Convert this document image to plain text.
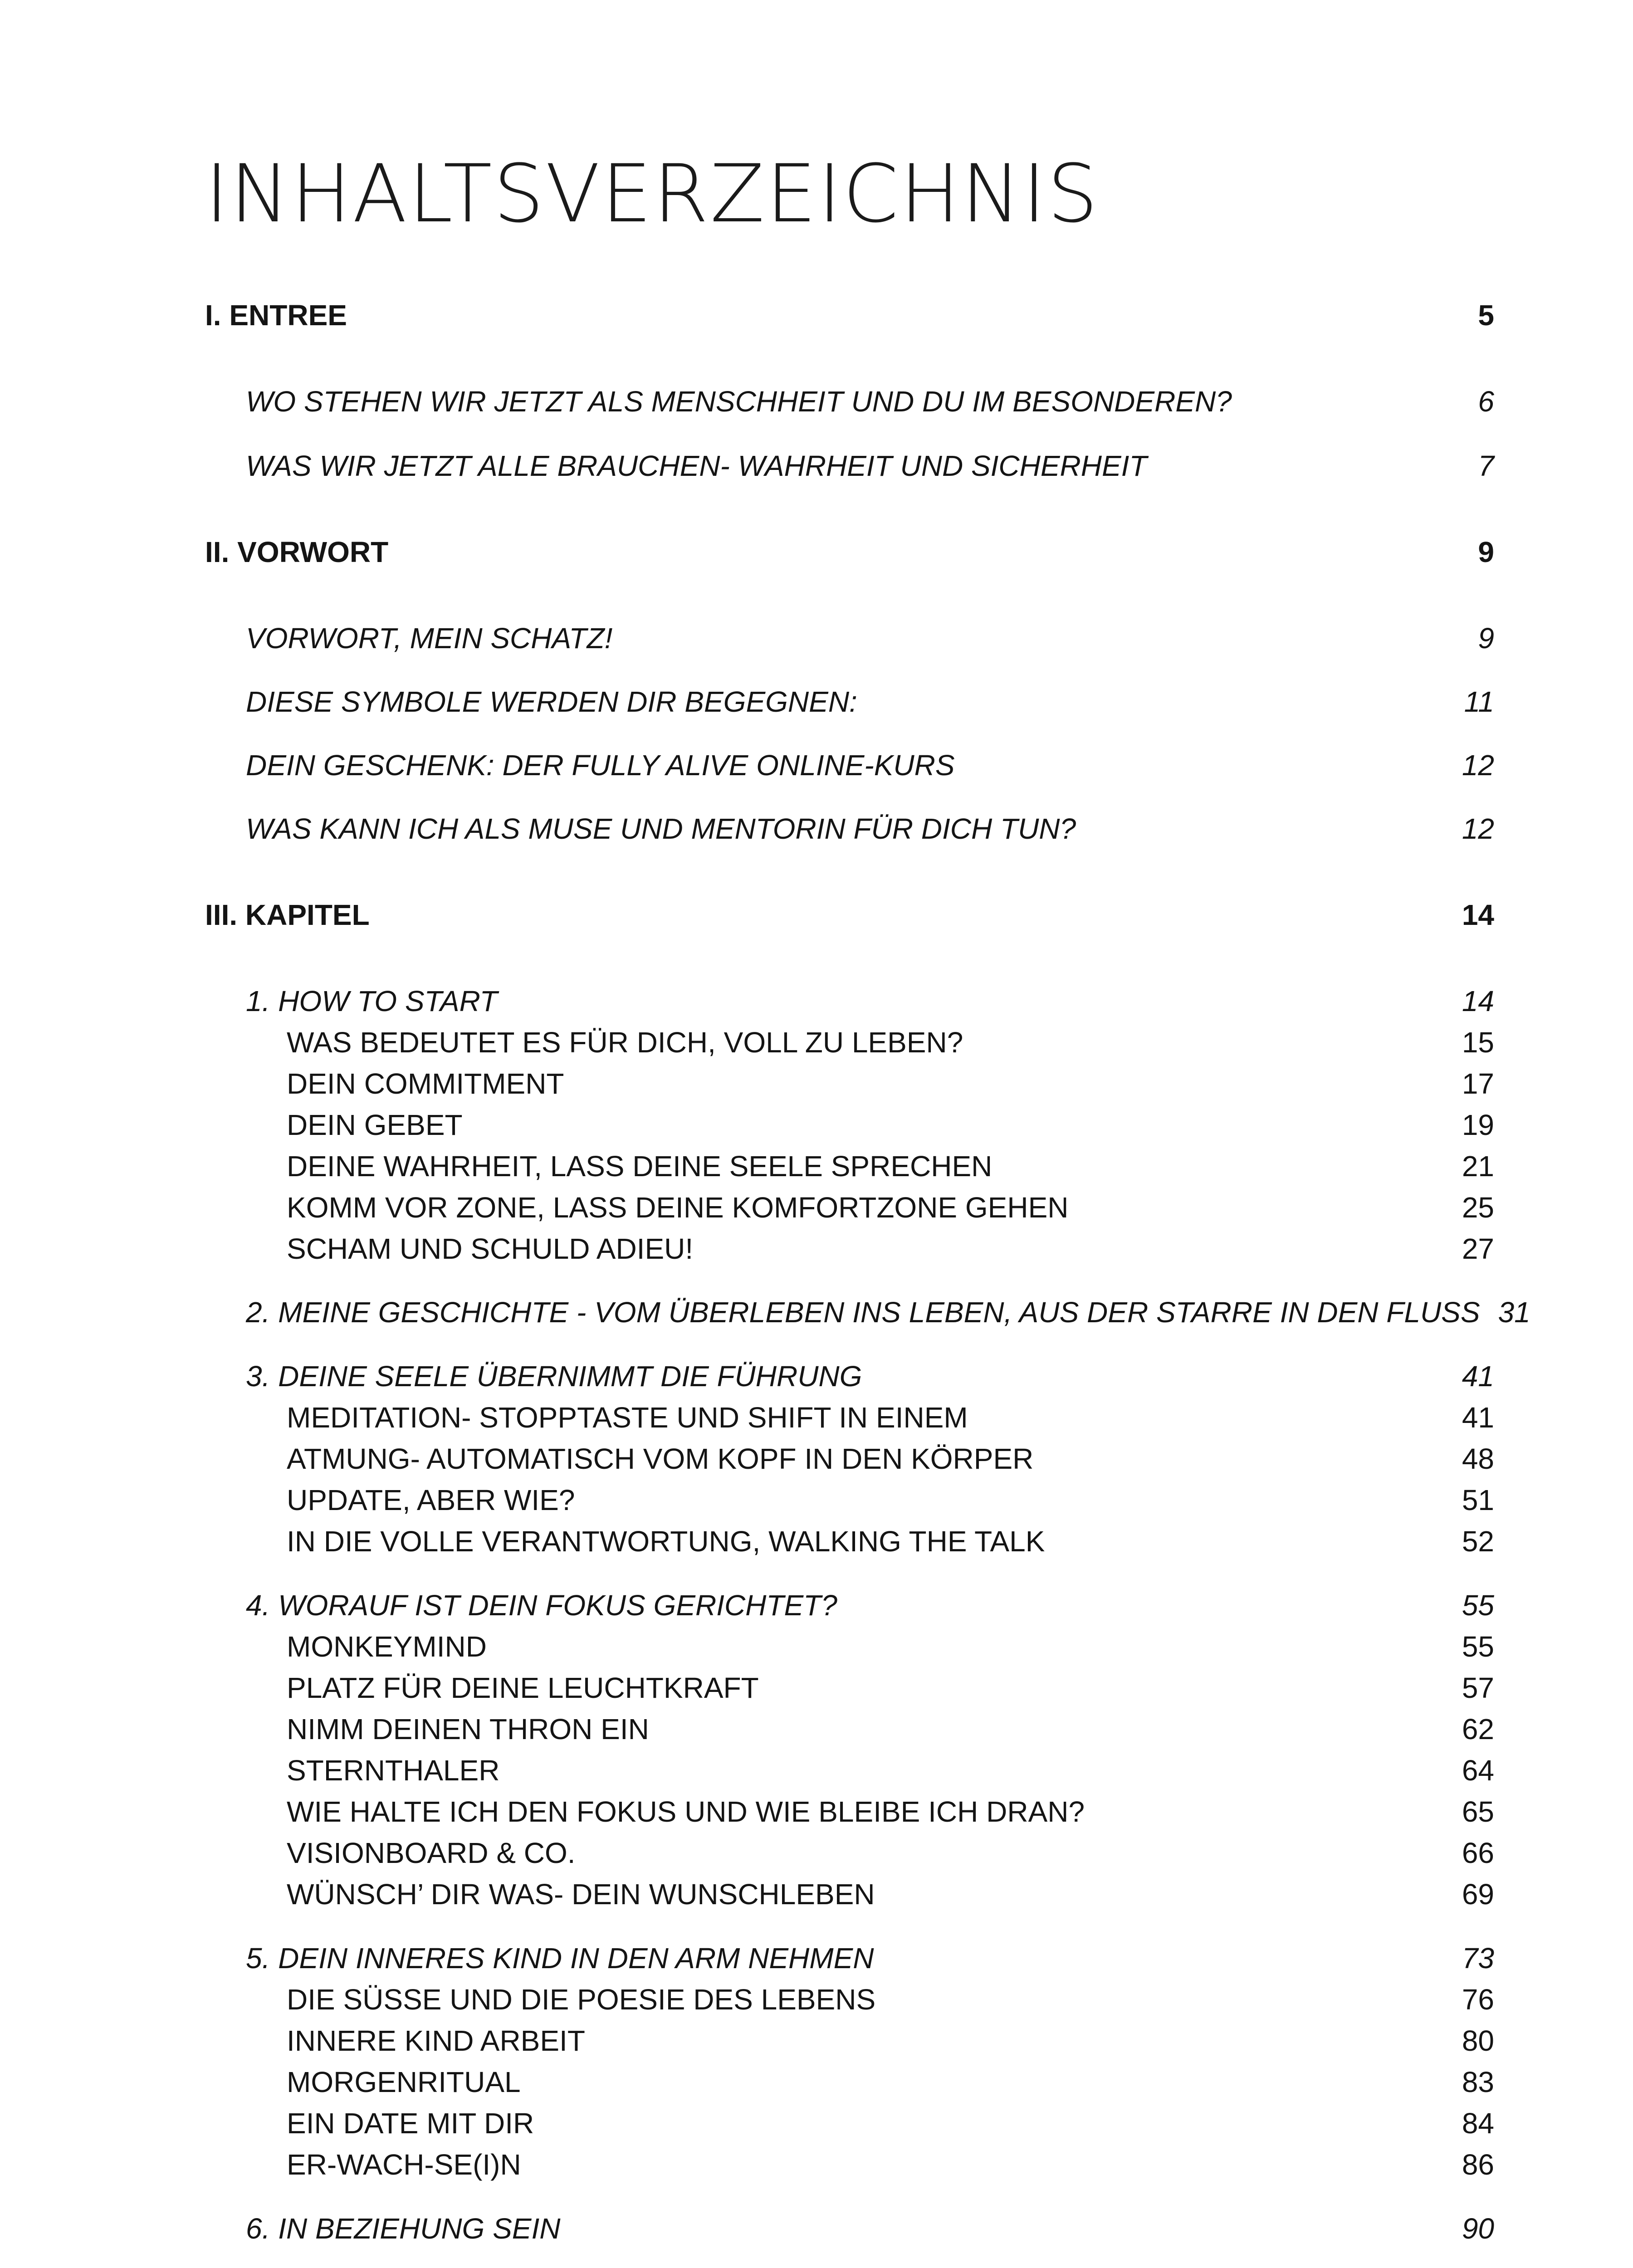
INHALTSVERZEICHNIS
I. ENTREE	5
WO STEHEN WIR JETZT ALS MENSCHHEIT UND DU IM BESONDEREN?	6
WAS WIR JETZT ALLE BRAUCHEN- WAHRHEIT UND SICHERHEIT	7
II. VORWORT	9
VORWORT, MEIN SCHATZ!	9
DIESE SYMBOLE WERDEN DIR BEGEGNEN:	11
DEIN GESCHENK: DER FULLY ALIVE ONLINE-KURS	12
WAS KANN ICH ALS MUSE UND MENTORIN FÜR DICH TUN?	12
III. KAPITEL	14
1. HOW TO START	14
WAS BEDEUTET ES FÜR DICH, VOLL ZU LEBEN?	15
DEIN COMMITMENT	17
DEIN GEBET	19
DEINE WAHRHEIT, LASS DEINE SEELE SPRECHEN	21
KOMM VOR ZONE, LASS DEINE KOMFORTZONE GEHEN	25
SCHAM UND SCHULD ADIEU!	27
2. MEINE GESCHICHTE - VOM ÜBERLEBEN INS LEBEN, AUS DER STARRE IN DEN FLUSS 31
3. DEINE SEELE ÜBERNIMMT DIE FÜHRUNG	41
MEDITATION- STOPPTASTE UND SHIFT IN EINEM	41
ATMUNG- AUTOMATISCH VOM KOPF IN DEN KÖRPER	48
UPDATE, ABER WIE?	51
IN DIE VOLLE VERANTWORTUNG, WALKING THE TALK	52
4. WORAUF IST DEIN FOKUS GERICHTET?	55
MONKEYMIND	55
PLATZ FÜR DEINE LEUCHTKRAFT	57
NIMM DEINEN THRON EIN	62
STERNTHALER	64
WIE HALTE ICH DEN FOKUS UND WIE BLEIBE ICH DRAN?	65
VISIONBOARD & CO.	66
WÜNSCH’ DIR WAS- DEIN WUNSCHLEBEN	69
5. DEIN INNERES KIND IN DEN ARM NEHMEN	73
DIE SÜSSE UND DIE POESIE DES LEBENS	76
INNERE KIND ARBEIT	80
MORGENRITUAL	83
EIN DATE MIT DIR	84
ER-WACH-SE(I)N	86
6. IN BEZIEHUNG SEIN	90
